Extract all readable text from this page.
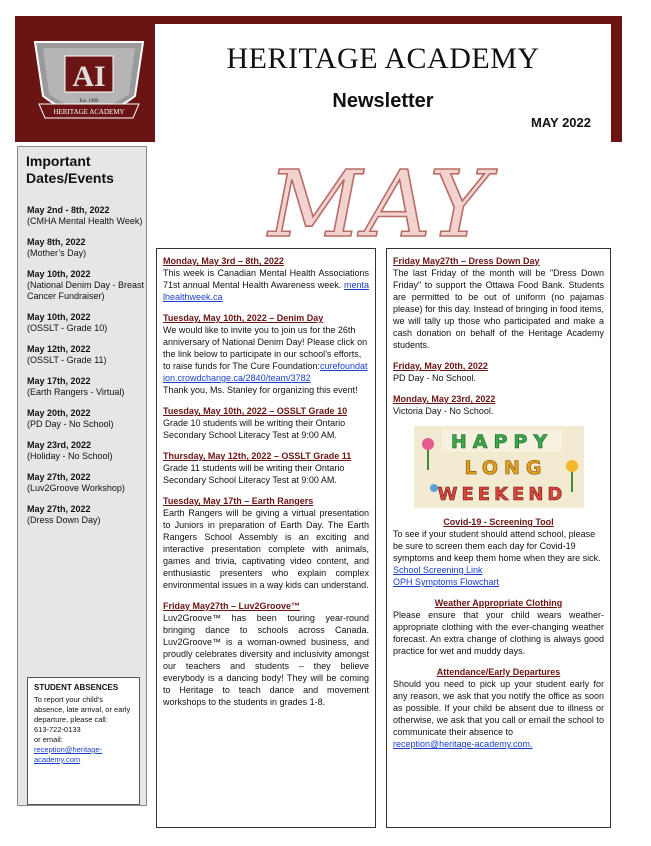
AI
Est. 1980
HERITAGE ACADEMY
HERITAGE ACADEMY
Newsletter
MAY 2022
Important
Dates/Events
May 2nd - 8th, 2022
(CMHA Mental Health Week)
May 8th, 2022
(Mother’s Day)
May 10th, 2022
(National Denim Day - Breast Cancer Fundraiser)
May 10th, 2022
(OSSLT - Grade 10)
May 12th, 2022
(OSSLT - Grade 11)
May 17th, 2022
(Earth Rangers - Virtual)
May 20th, 2022
(PD Day - No School)
May 23rd, 2022
(Holiday - No School)
May 27th, 2022
(Luv2Groove Workshop)
May 27th, 2022
(Dress Down Day)
STUDENT ABSENCES
To report your child's absence, late arrival, or early departure, please call:
613-722-0133
or email:
reception@heritage-academy.com
MAY
Monday, May 3rd – 8th, 2022
This week is Canadian Mental Health Associations 71st annual Mental Health Awareness week. mentalhealthweek.ca
Tuesday, May 10th, 2022 – Denim Day
We would like to invite you to join us for the 26th anniversary of National Denim Day! Please click on the link below to participate in our school’s efforts, to raise funds for The Cure Foundation:curefoundation.crowdchange.ca/2840/team/3782
Thank you, Ms. Stanley for organizing this event!
Tuesday, May 10th, 2022 – OSSLT Grade 10
Grade 10 students will be writing their Ontario Secondary School Literacy Test at 9:00 AM.
Thursday, May 12th, 2022 – OSSLT Grade 11
Grade 11 students will be writing their Ontario Secondary School Literacy Test at 9:00 AM.
Tuesday, May 17th – Earth Rangers
Earth Rangers will be giving a virtual presentation to Juniors in preparation of Earth Day. The Earth Rangers School Assembly is an exciting and interactive presentation complete with animals, games and trivia, captivating video content, and enthusiastic presenters who explain complex environmental issues in a way kids can understand.
Friday May27th – Luv2Groove™
Luv2Groove™ has been touring year-round bringing dance to schools across Canada. Luv2Groove™ is a woman-owned business, and proudly celebrates diversity and inclusivity amongst our teachers and students – they believe everybody is a dancing body! They will be coming to Heritage to teach dance and movement workshops to the students in grades 1-8.
Friday May27th – Dress Down Day
The last Friday of the month will be "Dress Down Friday" to support the Ottawa Food Bank. Students are permitted to be out of uniform (no pajamas please) for this day. Instead of bringing in food items, we will tally up those who participated and make a cash donation on behalf of the Heritage Academy students.
Friday, May 20th, 2022
PD Day - No School.
Monday, May 23rd, 2022
Victoria Day - No School.
HAPPY
LONG
WEEKEND
Covid-19 - Screening Tool
To see if your student should attend school, please be sure to screen them each day for Covid-19 symptoms and keep them home when they are sick.
School Screening Link
OPH Symptoms Flowchart
Weather Appropriate Clothing
Please ensure that your child wears weather-appropriate clothing with the ever-changing weather forecast. An extra change of clothing is always good practice for wet and muddy days.
Attendance/Early Departures
Should you need to pick up your student early for any reason, we ask that you notify the office as soon as possible. If your child be absent due to illness or otherwise, we ask that you call or email the school to communicate their absence to
reception@heritage-academy.com.
